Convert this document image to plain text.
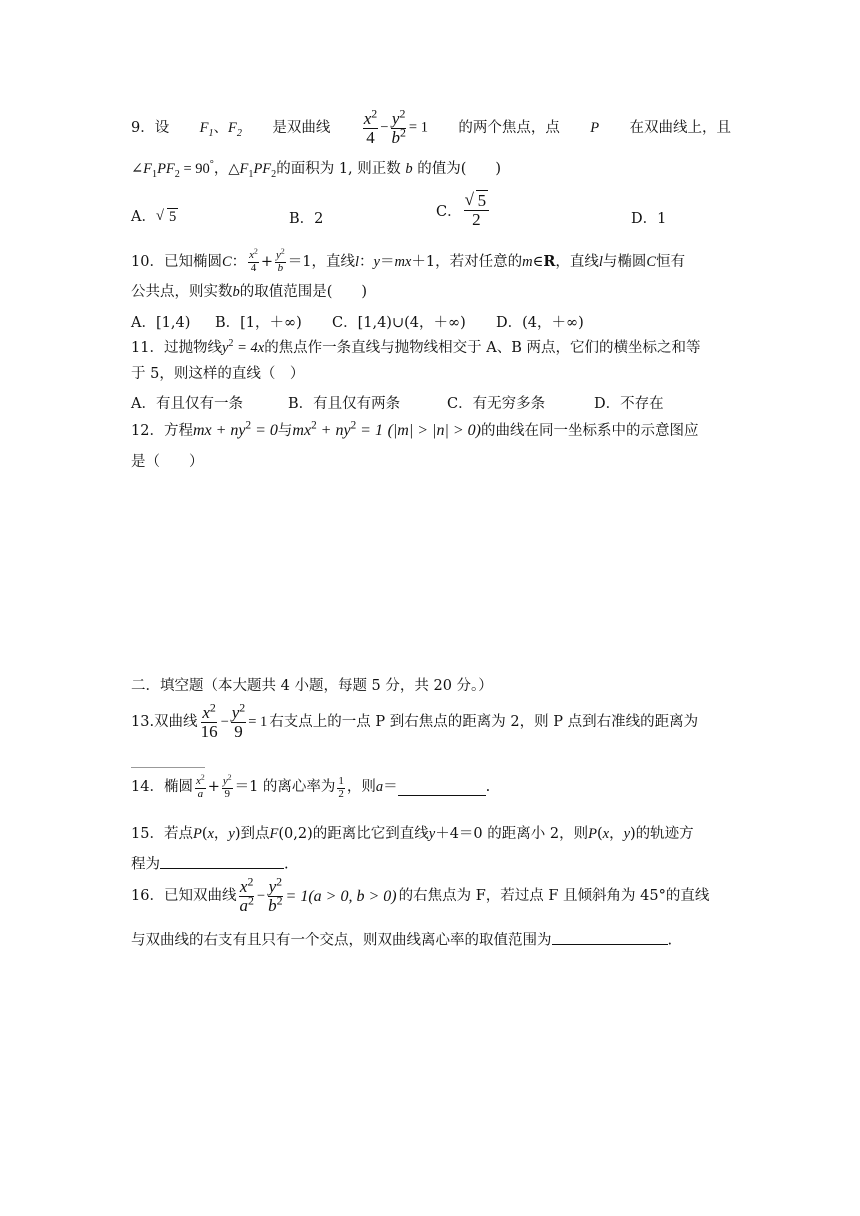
9．设 $F_1$、$F_2$ 是双曲线 $\frac{x^2}{4} - \frac{y^2}{b^2} = 1$ 的两个焦点，点 P 在双曲线上，且
$\angle F_1PF_2 = 90^\circ$，$\triangle F_1PF_2$的面积为 1, 则正数 b 的值为(　　)
A． √ 5	B．2	C． √ $\frac{5}{2}$	D．1
10．已知椭圆C： $\frac{x^2}{4} + \frac{y^2}{b} =1$，直线l：y＝mx＋1，若对任意的m∈R，直线l与椭圆C恒有
公共点，则实数b的取值范围是(　　)
A．[1,4) B．[1，＋∞) C．[1,4)∪(4，＋∞) D．(4，＋∞)
11．过抛物线$y^2 = 4x$的焦点作一条直线与抛物线相交于 A、B 两点，它们的横坐标之和等
于 5，则这样的直线（　）
A．有且仅有一条	B．有且仅有两条	C．有无穷多条	D．不存在
12．方程mx + $ny^2 = 0$与$mx^2 + ny^2 = 1$ (|m| > |n| > 0)的曲线在同一坐标系中的示意图应
是（　　）
二．填空题（本大题共 4 小题，每题 5 分，共 20 分。）
13.双曲线 $\frac{x^2}{16} - \frac{y^2}{9} = 1$ 右支点上的一点 P 到右焦点的距离为 2，则 P 点到右准线的距离为
14．椭圆 $\frac{x^2}{a} + \frac{y^2}{9} =1$ 的离心率为 $\frac{1}{2}$ ，则 a ＝	.
15．若点P(x，y)到点F(0,2)的距离比它到直线y＋4＝0 的距离小 2，则P(x，y)的轨迹方
程为	.
16．已知双曲线 $\frac{x^2}{a^2} - \frac{y^2}{b^2} = 1(a > 0$, b > 0) 的右焦点为 F，若过点 F 且倾斜角为 45°的直线
与双曲线的右支有且只有一个交点，则双曲线离心率的取值范围为	.
